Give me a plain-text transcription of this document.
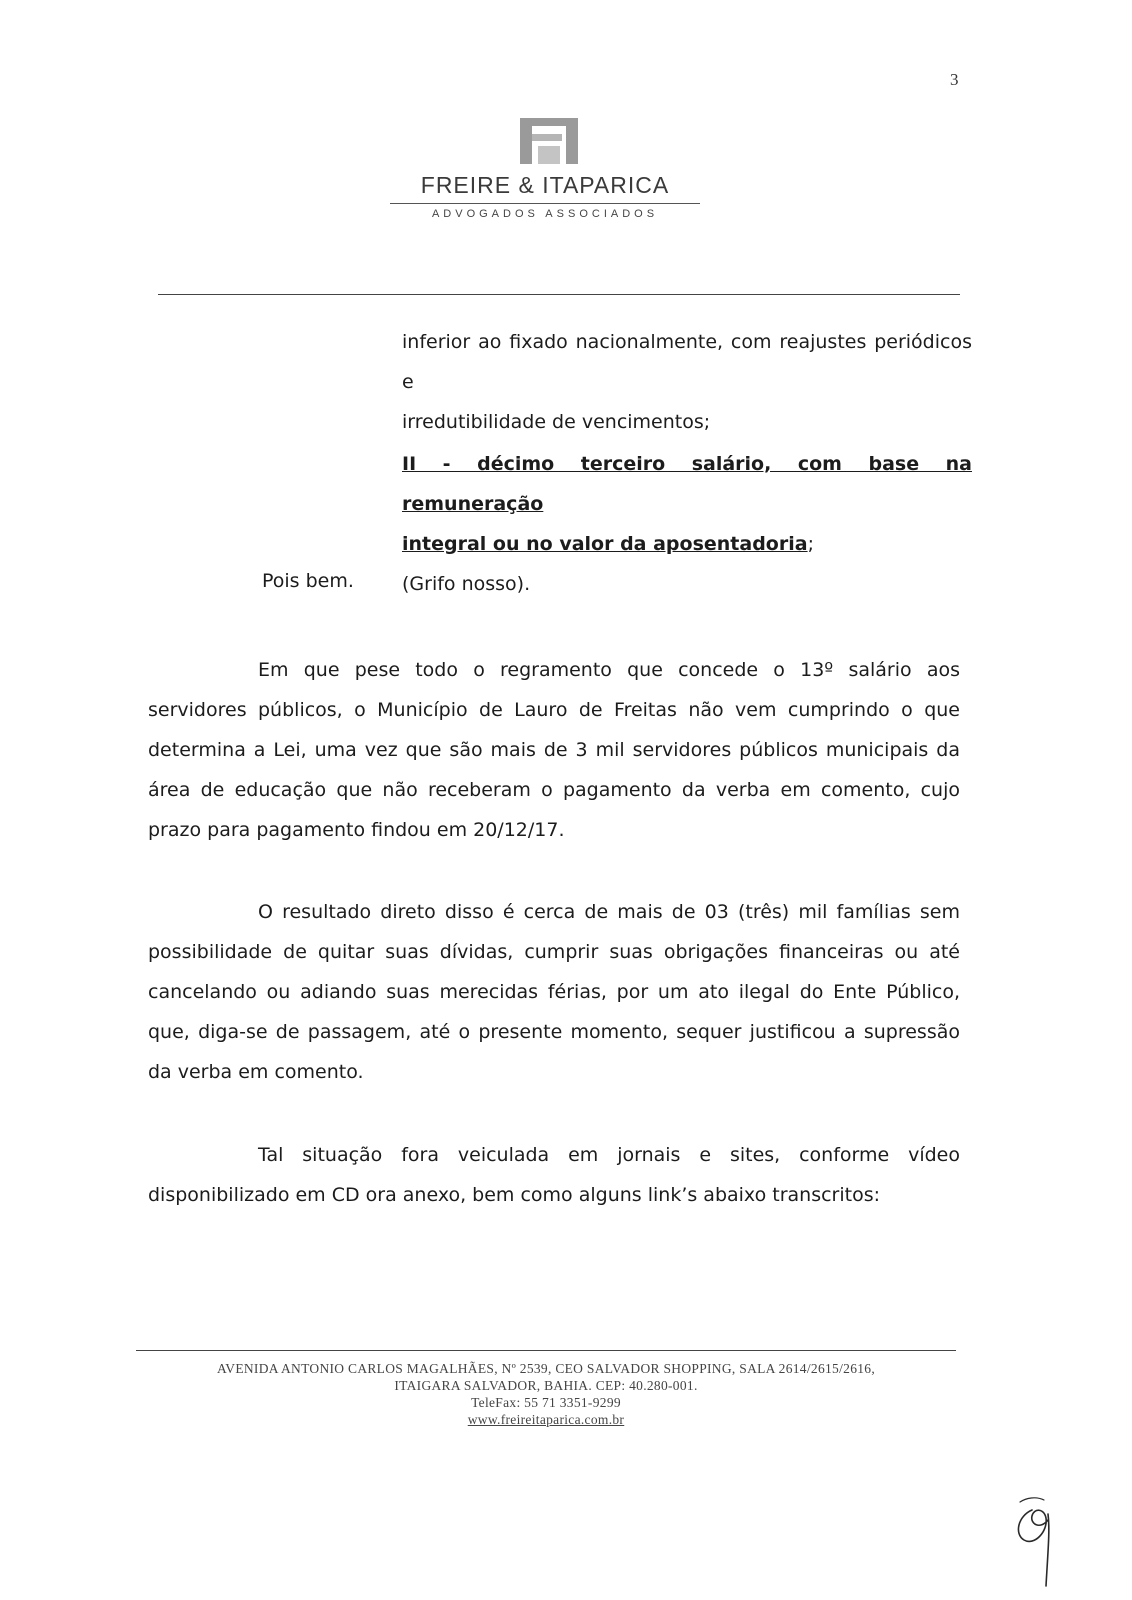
3
FREIRE & ITAPARICA
ADVOGADOS ASSOCIADOS

inferior ao fixado nacionalmente, com reajustes periódicos e

irredutibilidade de vencimentos;

II - décimo terceiro salário, com base na remuneração

integral ou no valor da aposentadoria;

(Grifo nosso).

Pois bem.

Em que pese todo o regramento que concede o 13º salário aos servidores públicos, o Município de Lauro de Freitas não vem cumprindo o que determina a Lei, uma vez que são mais de 3 mil servidores públicos municipais da área de educação que não receberam o pagamento da verba em comento, cujo prazo para pagamento findou em 20/12/17.

O resultado direto disso é cerca de mais de 03 (três) mil famílias sem possibilidade de quitar suas dívidas, cumprir suas obrigações financeiras ou até cancelando ou adiando suas merecidas férias, por um ato ilegal do Ente Público, que, diga-se de passagem, até o presente momento, sequer justificou a supressão da verba em comento.

Tal situação fora veiculada em jornais e sites, conforme vídeo disponibilizado em CD ora anexo, bem como alguns link’s abaixo transcritos:

AVENIDA ANTONIO CARLOS MAGALHÃES, Nº 2539, CEO SALVADOR SHOPPING, SALA 2614/2615/2616,
ITAIGARA SALVADOR, BAHIA. CEP: 40.280-001.
TeleFax: 55 71 3351-9299
www.freireitaparica.com.br
